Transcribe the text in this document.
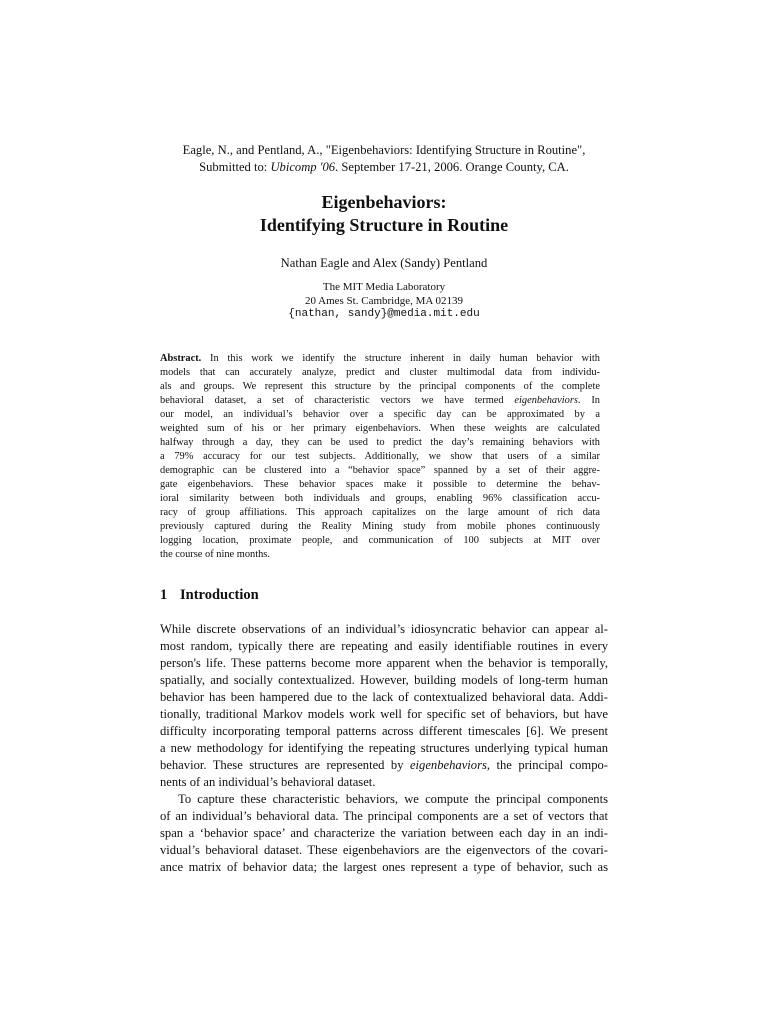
Eagle, N., and Pentland, A., "Eigenbehaviors: Identifying Structure in Routine",
Submitted to: Ubicomp '06. September 17-21, 2006. Orange County, CA.
Eigenbehaviors:
Identifying Structure in Routine
Nathan Eagle and Alex (Sandy) Pentland
The MIT Media Laboratory
20 Ames St. Cambridge, MA 02139
{nathan, sandy}@media.mit.edu
Abstract. In this work we identify the structure inherent in daily human behavior with
models that can accurately analyze, predict and cluster multimodal data from individu-
als and groups. We represent this structure by the principal components of the complete
behavioral dataset, a set of characteristic vectors we have termed eigenbehaviors. In
our model, an individual’s behavior over a specific day can be approximated by a
weighted sum of his or her primary eigenbehaviors. When these weights are calculated
halfway through a day, they can be used to predict the day’s remaining behaviors with
a 79% accuracy for our test subjects. Additionally, we show that users of a similar
demographic can be clustered into a “behavior space” spanned by a set of their aggre-
gate eigenbehaviors. These behavior spaces make it possible to determine the behav-
ioral similarity between both individuals and groups, enabling 96% classification accu-
racy of group affiliations. This approach capitalizes on the large amount of rich data
previously captured during the Reality Mining study from mobile phones continuously
logging location, proximate people, and communication of 100 subjects at MIT over
the course of nine months.
1 Introduction
While discrete observations of an individual’s idiosyncratic behavior can appear al-
most random, typically there are repeating and easily identifiable routines in every
person's life. These patterns become more apparent when the behavior is temporally,
spatially, and socially contextualized. However, building models of long-term human
behavior has been hampered due to the lack of contextualized behavioral data. Addi-
tionally, traditional Markov models work well for specific set of behaviors, but have
difficulty incorporating temporal patterns across different timescales [6]. We present
a new methodology for identifying the repeating structures underlying typical human
behavior. These structures are represented by eigenbehaviors, the principal compo-
nents of an individual’s behavioral dataset.
To capture these characteristic behaviors, we compute the principal components
of an individual’s behavioral data. The principal components are a set of vectors that
span a ‘behavior space’ and characterize the variation between each day in an indi-
vidual’s behavioral dataset. These eigenbehaviors are the eigenvectors of the covari-
ance matrix of behavior data; the largest ones represent a type of behavior, such as
